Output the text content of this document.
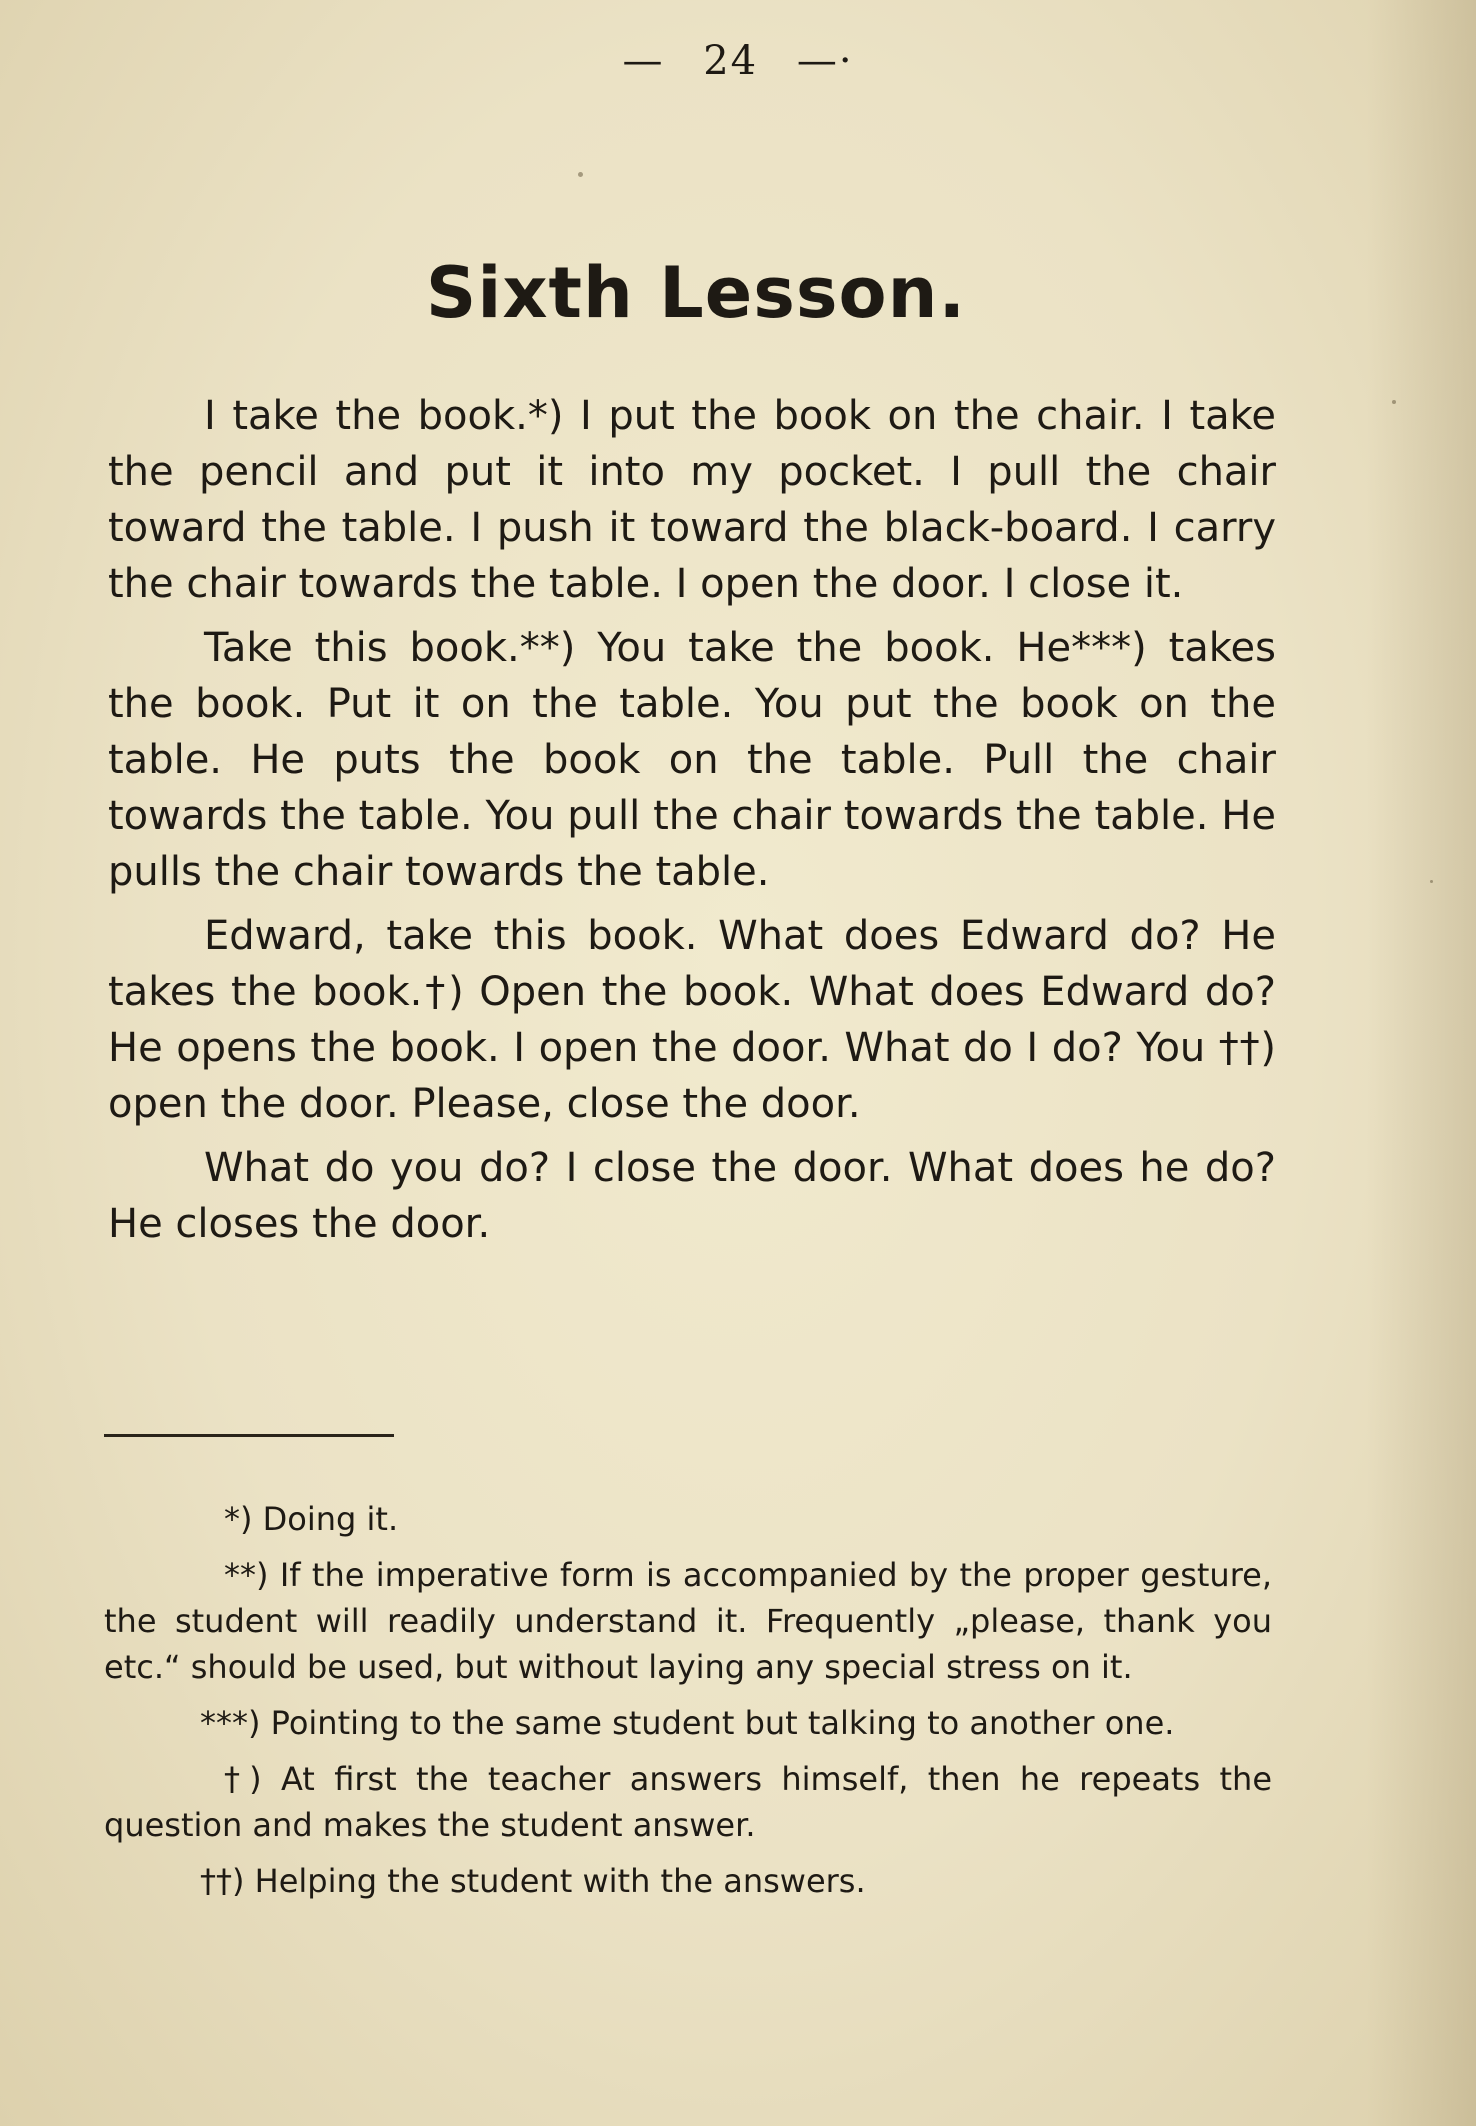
— 24 —·
Sixth Lesson.

I take the book.*) I put the book on the chair. I take the pencil and put it into my pocket. I pull the chair toward the table. I push it toward the black-board. I carry the chair towards the table. I open the door. I close it.

Take this book.**) You take the book. He***) takes the book. Put it on the table. You put the book on the table. He puts the book on the table. Pull the chair towards the table. You pull the chair towards the table. He pulls the chair towards the table.

Edward, take this book. What does Edward do? He takes the book.†) Open the book. What does Edward do? He opens the book. I open the door. What do I do? You ††) open the door. Please, close the door.

What do you do? I close the door. What does he do? He closes the door.

*) Doing it.

**) If the imperative form is accompanied by the proper gesture, the student will readily understand it. Frequently „please, thank you etc.“ should be used, but without laying any special stress on it.

***) Pointing to the same student but talking to another one.

†) At first the teacher answers himself, then he repeats the question and makes the student answer.

††) Helping the student with the answers.
